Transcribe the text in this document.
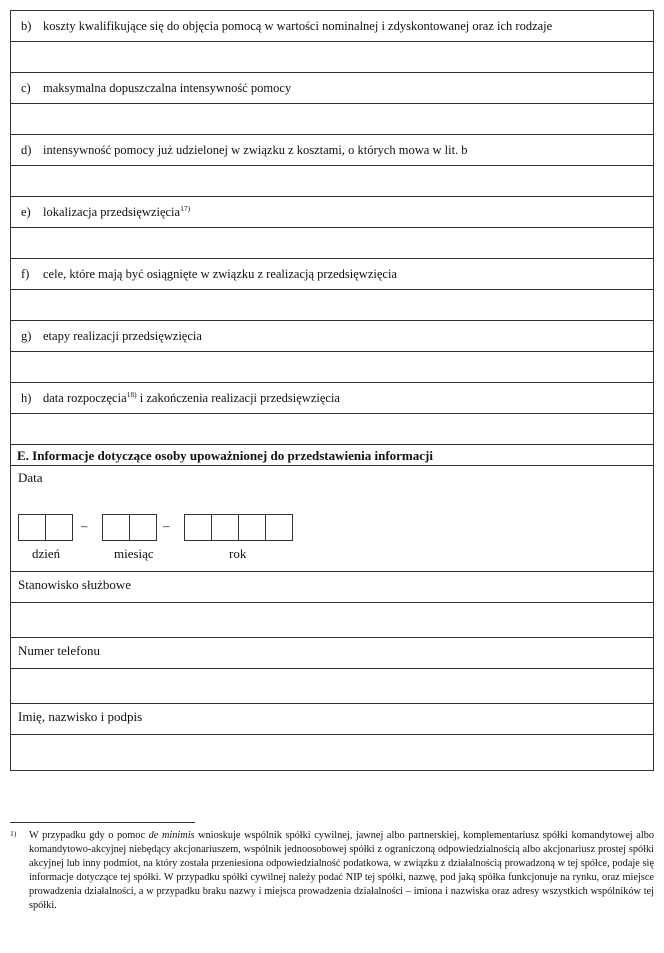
b) koszty kwalifikujące się do objęcia pomocą w wartości nominalnej i zdyskontowanej oraz ich rodzaje
c) maksymalna dopuszczalna intensywność pomocy
d) intensywność pomocy już udzielonej w związku z kosztami, o których mowa w lit. b
e) lokalizacja przedsięwzięcia$^{17)}$
f) cele, które mają być osiągnięte w związku z realizacją przedsięwzięcia
g) etapy realizacji przedsięwzięcia
h) data rozpoczęcia$^{18)}$ i zakończenia realizacji przedsięwzięcia
E. Informacje dotyczące osoby upoważnionej do przedstawienia informacji
Data
–	–
dzień	miesiąc	rok
Stanowisko służbowe
Numer telefonu
Imię, nazwisko i podpis
1) W przypadku gdy o pomoc de minimis wnioskuje wspólnik spółki cywilnej, jawnej albo partnerskiej, komplementariusz spółki komandytowej albo komandytowo-akcyjnej niebędący akcjonariuszem, wspólnik jednoosobowej spółki z ograniczoną odpowiedzialnością albo akcjonariusz prostej spółki akcyjnej lub inny podmiot, na który została przeniesiona odpowiedzialność podatkowa, w związku z działalnością prowadzoną w tej spółce, podaje się informacje dotyczące tej spółki. W przypadku spółki cywilnej należy podać NIP tej spółki, nazwę, pod jaką spółka funkcjonuje na rynku, oraz miejsce prowadzenia działalności, a w przypadku braku nazwy i miejsca prowadzenia działalności – imiona i nazwiska oraz adresy wszystkich wspólników tej spółki.
